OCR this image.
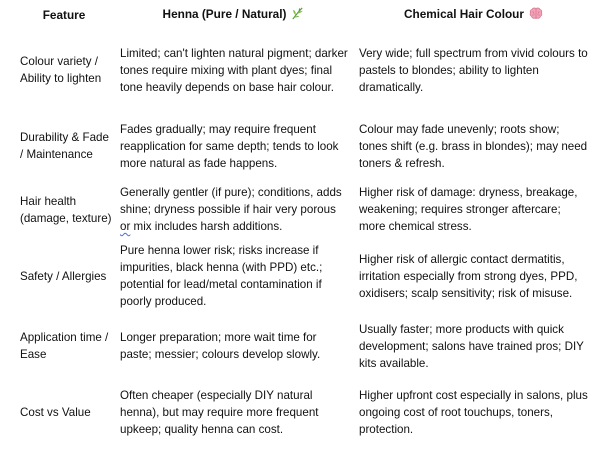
Feature	Henna (Pure / Natural)	Chemical Hair Colour
Colour variety / Ability to lighten	Limited; can't lighten natural pigment; darker tones require mixing with plant dyes; final tone heavily depends on base hair colour.	Very wide; full spectrum from vivid colours to pastels to blondes; ability to lighten dramatically.
Durability & Fade / Maintenance	Fades gradually; may require frequent reapplication for same depth; tends to look more natural as fade happens.	Colour may fade unevenly; roots show; tones shift (e.g. brass in blondes); may need toners & refresh.
Hair health (damage, texture)	Generally gentler (if pure); conditions, adds shine; dryness possible if hair very porous or mix includes harsh additions.	Higher risk of damage: dryness, breakage, weakening; requires stronger aftercare; more chemical stress.
Safety / Allergies	Pure henna lower risk; risks increase if impurities, black henna (with PPD) etc.; potential for lead/metal contamination if poorly produced.	Higher risk of allergic contact dermatitis, irritation especially from strong dyes, PPD, oxidisers; scalp sensitivity; risk of misuse.
Application time / Ease	Longer preparation; more wait time for paste; messier; colours develop slowly.	Usually faster; more products with quick development; salons have trained pros; DIY kits available.
Cost vs Value	Often cheaper (especially DIY natural henna), but may require more frequent upkeep; quality henna can cost.	Higher upfront cost especially in salons, plus ongoing cost of root touchups, toners, protection.
